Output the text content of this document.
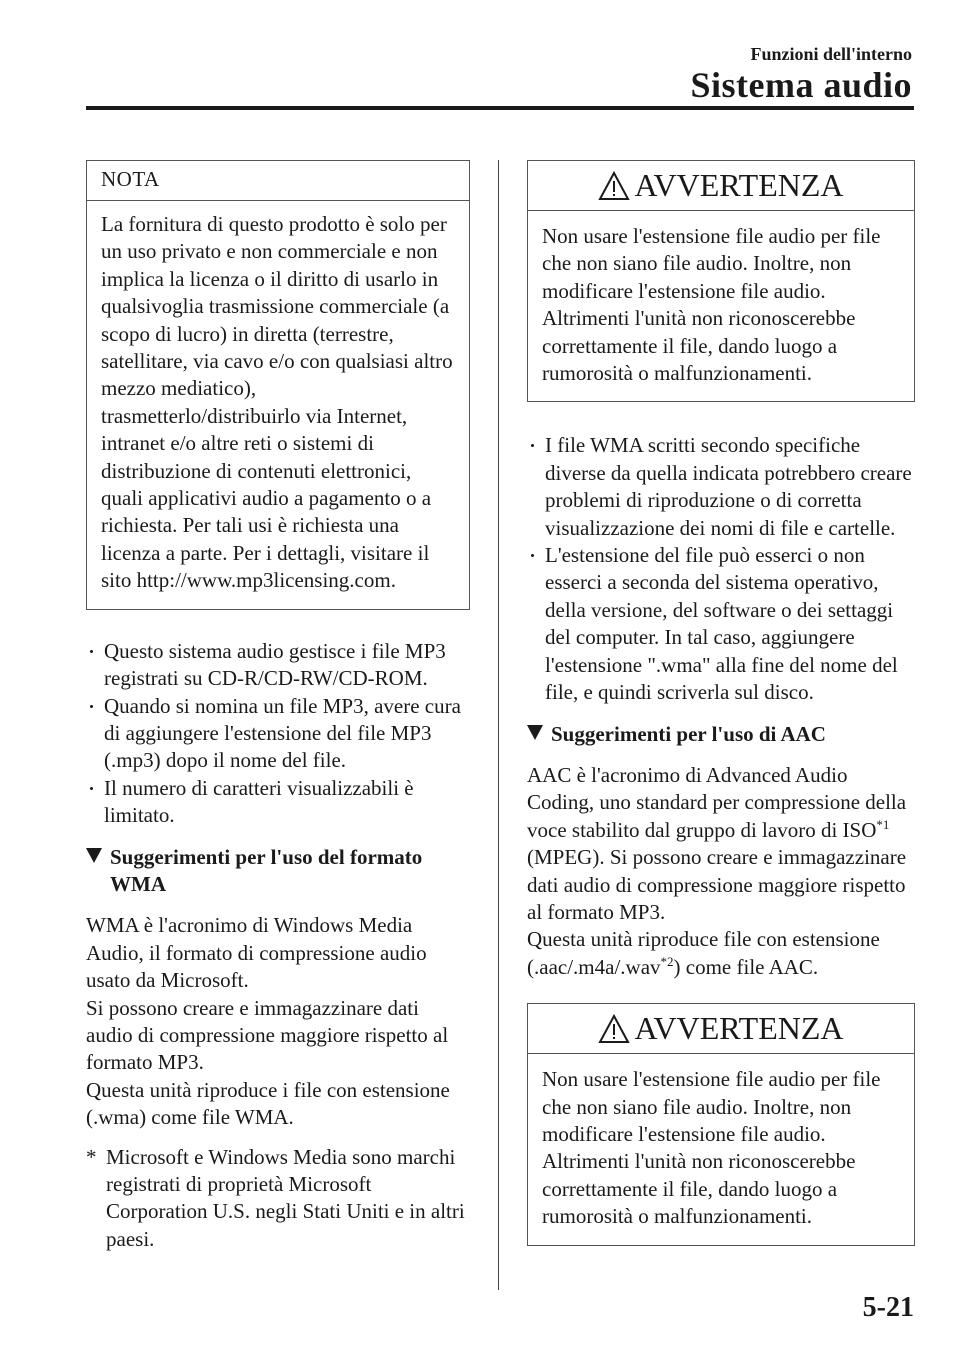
Funzioni dell'interno
Sistema audio
NOTA
La fornitura di questo prodotto è solo per un uso privato e non commerciale e non implica la licenza o il diritto di usarlo in qualsivoglia trasmissione commerciale (a scopo di lucro) in diretta (terrestre, satellitare, via cavo e/o con qualsiasi altro mezzo mediatico), trasmetterlo/distribuirlo via Internet, intranet e/o altre reti o sistemi di distribuzione di contenuti elettronici, quali applicativi audio a pagamento o a richiesta. Per tali usi è richiesta una licenza a parte. Per i dettagli, visitare il sito http://www.mp3licensing.com.
Questo sistema audio gestisce i file MP3 registrati su CD-R/CD-RW/CD-ROM.
Quando si nomina un file MP3, avere cura di aggiungere l'estensione del file MP3 (.mp3) dopo il nome del file.
Il numero di caratteri visualizzabili è limitato.
Suggerimenti per l'uso del formato WMA
WMA è l'acronimo di Windows Media Audio, il formato di compressione audio usato da Microsoft.
Si possono creare e immagazzinare dati audio di compressione maggiore rispetto al formato MP3.
Questa unità riproduce i file con estensione (.wma) come file WMA.
* Microsoft e Windows Media sono marchi registrati di proprietà Microsoft Corporation U.S. negli Stati Uniti e in altri paesi.
AVVERTENZA
Non usare l'estensione file audio per file che non siano file audio. Inoltre, non modificare l'estensione file audio. Altrimenti l'unità non riconoscerebbe correttamente il file, dando luogo a rumorosità o malfunzionamenti.
I file WMA scritti secondo specifiche diverse da quella indicata potrebbero creare problemi di riproduzione o di corretta visualizzazione dei nomi di file e cartelle.
L'estensione del file può esserci o non esserci a seconda del sistema operativo, della versione, del software o dei settaggi del computer. In tal caso, aggiungere l'estensione ".wma" alla fine del nome del file, e quindi scriverla sul disco.
Suggerimenti per l'uso di AAC
AAC è l'acronimo di Advanced Audio Coding, uno standard per compressione della voce stabilito dal gruppo di lavoro di ISO$^{*1}$ (MPEG). Si possono creare e immagazzinare dati audio di compressione maggiore rispetto al formato MP3.
Questa unità riproduce file con estensione (.aac/.m4a/.wav$^{*2}$) come file AAC.
AVVERTENZA
Non usare l'estensione file audio per file che non siano file audio. Inoltre, non modificare l'estensione file audio. Altrimenti l'unità non riconoscerebbe correttamente il file, dando luogo a rumorosità o malfunzionamenti.
5-21
